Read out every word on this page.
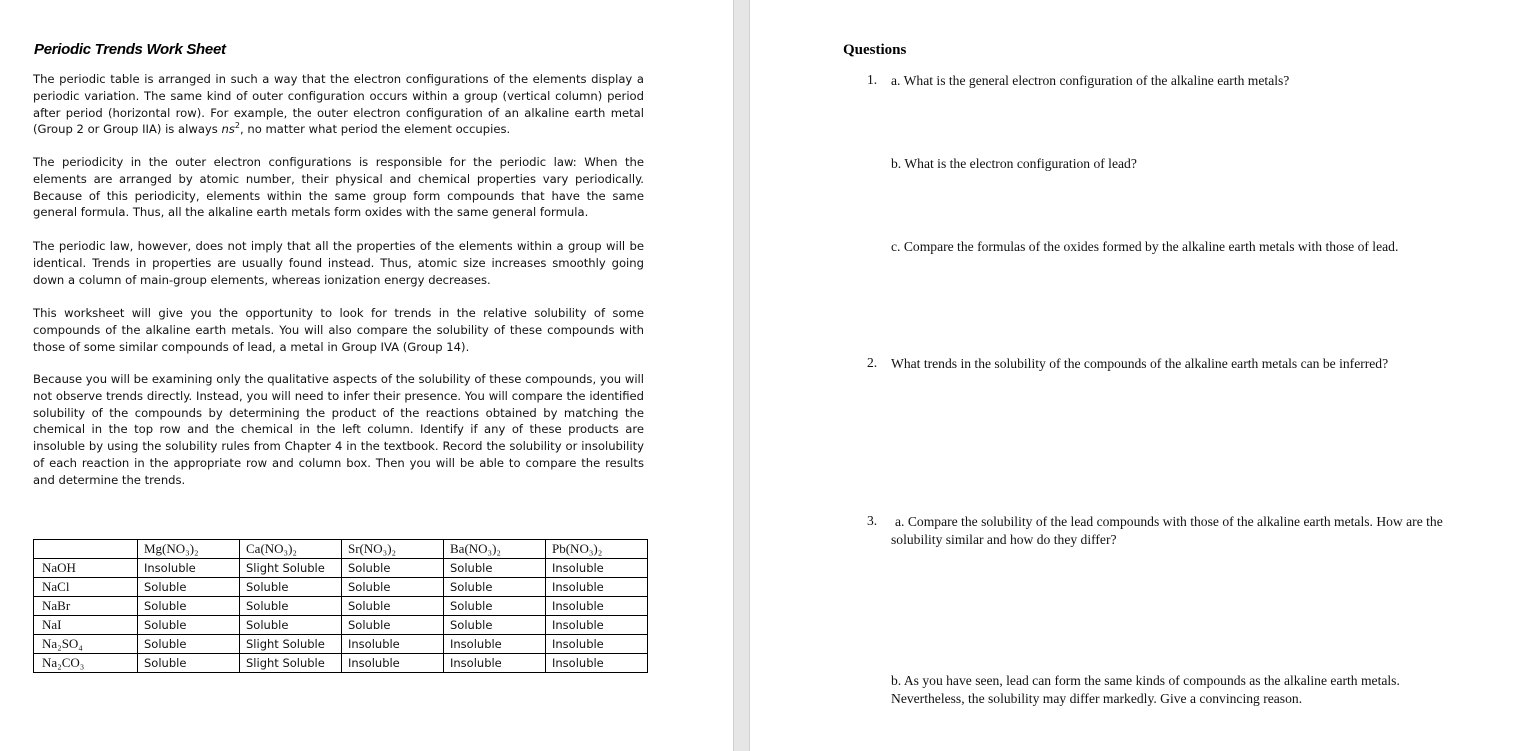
Periodic Trends Work Sheet

The periodic table is arranged in such a way that the electron configurations of the elements display a periodic variation. The same kind of outer configuration occurs within a group (vertical column) period after period (horizontal row). For example, the outer electron configuration of an alkaline earth metal (Group 2 or Group IIA) is always $ns^2$, no matter what period the element occupies.

The periodicity in the outer electron configurations is responsible for the periodic law: When the elements are arranged by atomic number, their physical and chemical properties vary periodically. Because of this periodicity, elements within the same group form compounds that have the same general formula. Thus, all the alkaline earth metals form oxides with the same general formula.

The periodic law, however, does not imply that all the properties of the elements within a group will be identical. Trends in properties are usually found instead. Thus, atomic size increases smoothly going down a column of main-group elements, whereas ionization energy decreases.

This worksheet will give you the opportunity to look for trends in the relative solubility of some compounds of the alkaline earth metals. You will also compare the solubility of these compounds with those of some similar compounds of lead, a metal in Group IVA (Group 14).

Because you will be examining only the qualitative aspects of the solubility of these compounds, you will not observe trends directly. Instead, you will need to infer their presence. You will compare the identified solubility of the compounds by determining the product of the reactions obtained by matching the chemical in the top row and the chemical in the left column. Identify if any of these products are insoluble by using the solubility rules from Chapter 4 in the textbook. Record the solubility or insolubility of each reaction in the appropriate row and column box. Then you will be able to compare the results and determine the trends.

	Mg(NO₃)₂	Ca(NO₃)₂	Sr(NO₃)₂	Ba(NO₃)₂	Pb(NO₃)₂
NaOH	Insoluble	Slight Soluble	Soluble	Soluble	Insoluble
NaCl	Soluble	Soluble	Soluble	Soluble	Insoluble
NaBr	Soluble	Soluble	Soluble	Soluble	Insoluble
NaI	Soluble	Soluble	Soluble	Soluble	Insoluble
Na₂SO₄	Soluble	Slight Soluble	Insoluble	Insoluble	Insoluble
Na₂CO₃	Soluble	Slight Soluble	Insoluble	Insoluble	Insoluble
Questions
1. a. What is the general electron configuration of the alkaline earth metals?

b. What is the electron configuration of lead?

c. Compare the formulas of the oxides formed by the alkaline earth metals with those of lead.

2. What trends in the solubility of the compounds of the alkaline earth metals can be inferred?

3. a. Compare the solubility of the lead compounds with those of the alkaline earth metals. How are the solubility similar and how do they differ?

b. As you have seen, lead can form the same kinds of compounds as the alkaline earth metals. Nevertheless, the solubility may differ markedly. Give a convincing reason.
